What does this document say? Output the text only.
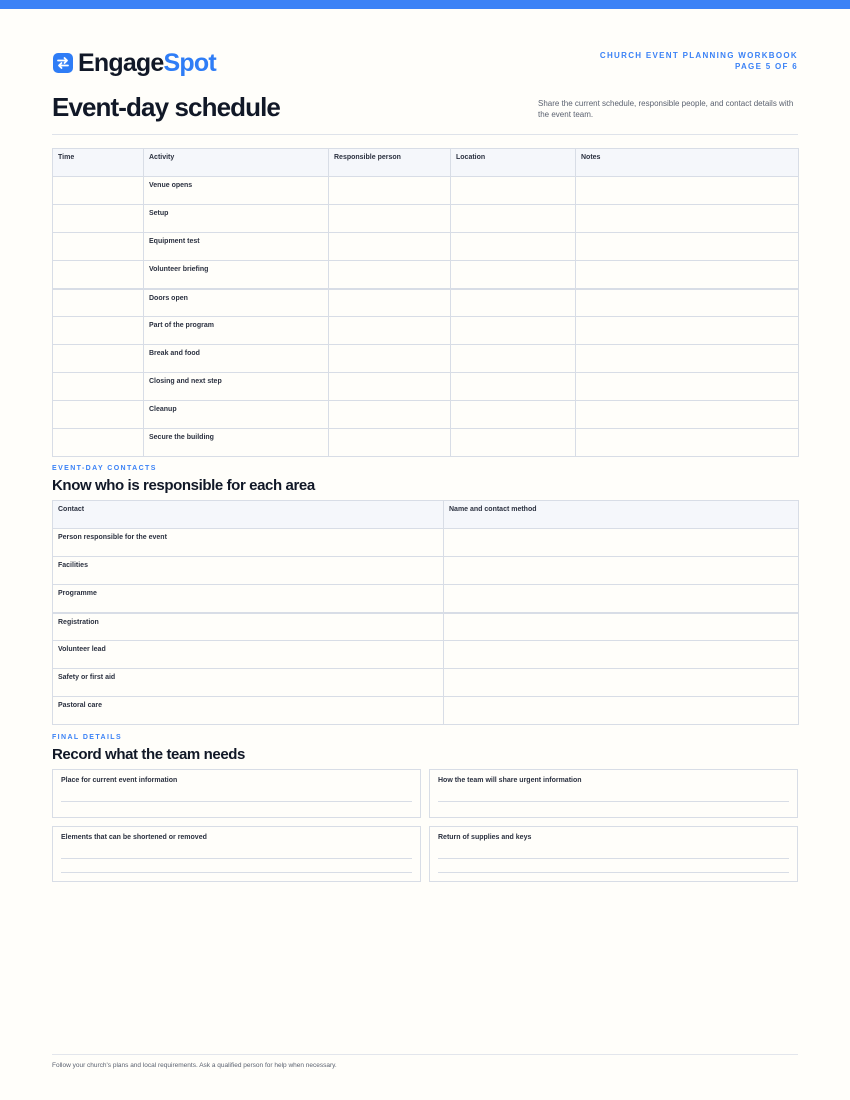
EngageSpot	CHURCH EVENT PLANNING WORKBOOK
PAGE 5 OF 6
Event-day schedule	Share the current schedule, responsible people, and contact details with the event team.

Time	Activity	Responsible person	Location	Notes
	Venue opens			
	Setup			
	Equipment test			
	Volunteer briefing			
	Doors open			
	Part of the program			
	Break and food			
	Closing and next step			
	Cleanup			
	Secure the building			
EVENT-DAY CONTACTS
Know who is responsible for each area
Contact	Name and contact method
Person responsible for the event	
Facilities	
Programme	
Registration	
Volunteer lead	
Safety or first aid	
Pastoral care	
FINAL DETAILS
Record what the team needs
Place for current event information	How the team will share urgent information
Elements that can be shortened or removed	Return of supplies and keys
Follow your church's plans and local requirements. Ask a qualified person for help when necessary.
